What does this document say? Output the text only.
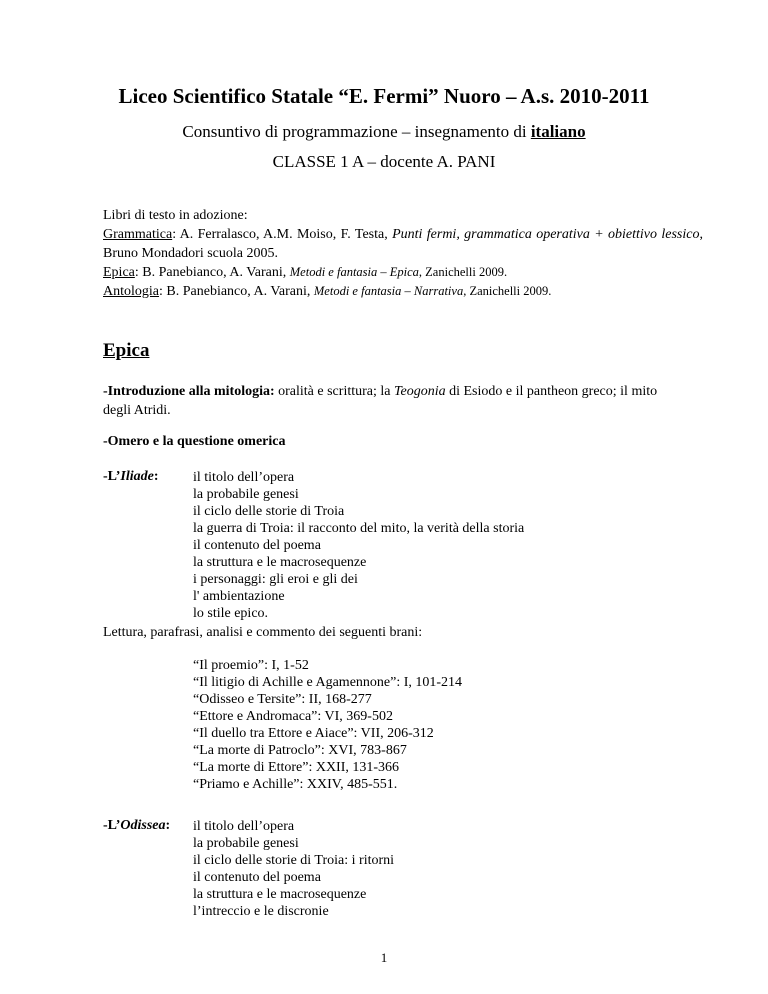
Liceo Scientifico Statale “E. Fermi” Nuoro – A.s. 2010-2011
Consuntivo di programmazione – insegnamento di italiano
CLASSE 1 A – docente A. PANI

Libri di testo in adozione:

Grammatica: A. Ferralasco, A.M. Moiso, F. Testa, Punti fermi, grammatica operativa + obiettivo lessico, Bruno Mondadori scuola 2005.

Epica: B. Panebianco, A. Varani, Metodi e fantasia – Epica, Zanichelli 2009.

Antologia: B. Panebianco, A. Varani, Metodi e fantasia – Narrativa, Zanichelli 2009.

Epica

-Introduzione alla mitologia: oralità e scrittura; la Teogonia di Esiodo e il pantheon greco; il mito degli Atridi.

-Omero e la questione omerica

-L’Iliade: il titolo dell’opera
la probabile genesi
il ciclo delle storie di Troia
la guerra di Troia: il racconto del mito, la verità della storia
il contenuto del poema
la struttura e le macrosequenze
i personaggi: gli eroi e gli dei
l' ambientazione
lo stile epico.

Lettura, parafrasi, analisi e commento dei seguenti brani:

“Il proemio”: I, 1-52
“Il litigio di Achille e Agamennone”: I, 101-214
“Odisseo e Tersite”: II, 168-277
“Ettore e Andromaca”: VI, 369-502
“Il duello tra Ettore e Aiace”: VII, 206-312
“La morte di Patroclo”: XVI, 783-867
“La morte di Ettore”: XXII, 131-366
“Priamo e Achille”: XXIV, 485-551.
-L’Odissea: il titolo dell’opera
la probabile genesi
il ciclo delle storie di Troia: i ritorni
il contenuto del poema
la struttura e le macrosequenze
l’intreccio e le discronie
1
